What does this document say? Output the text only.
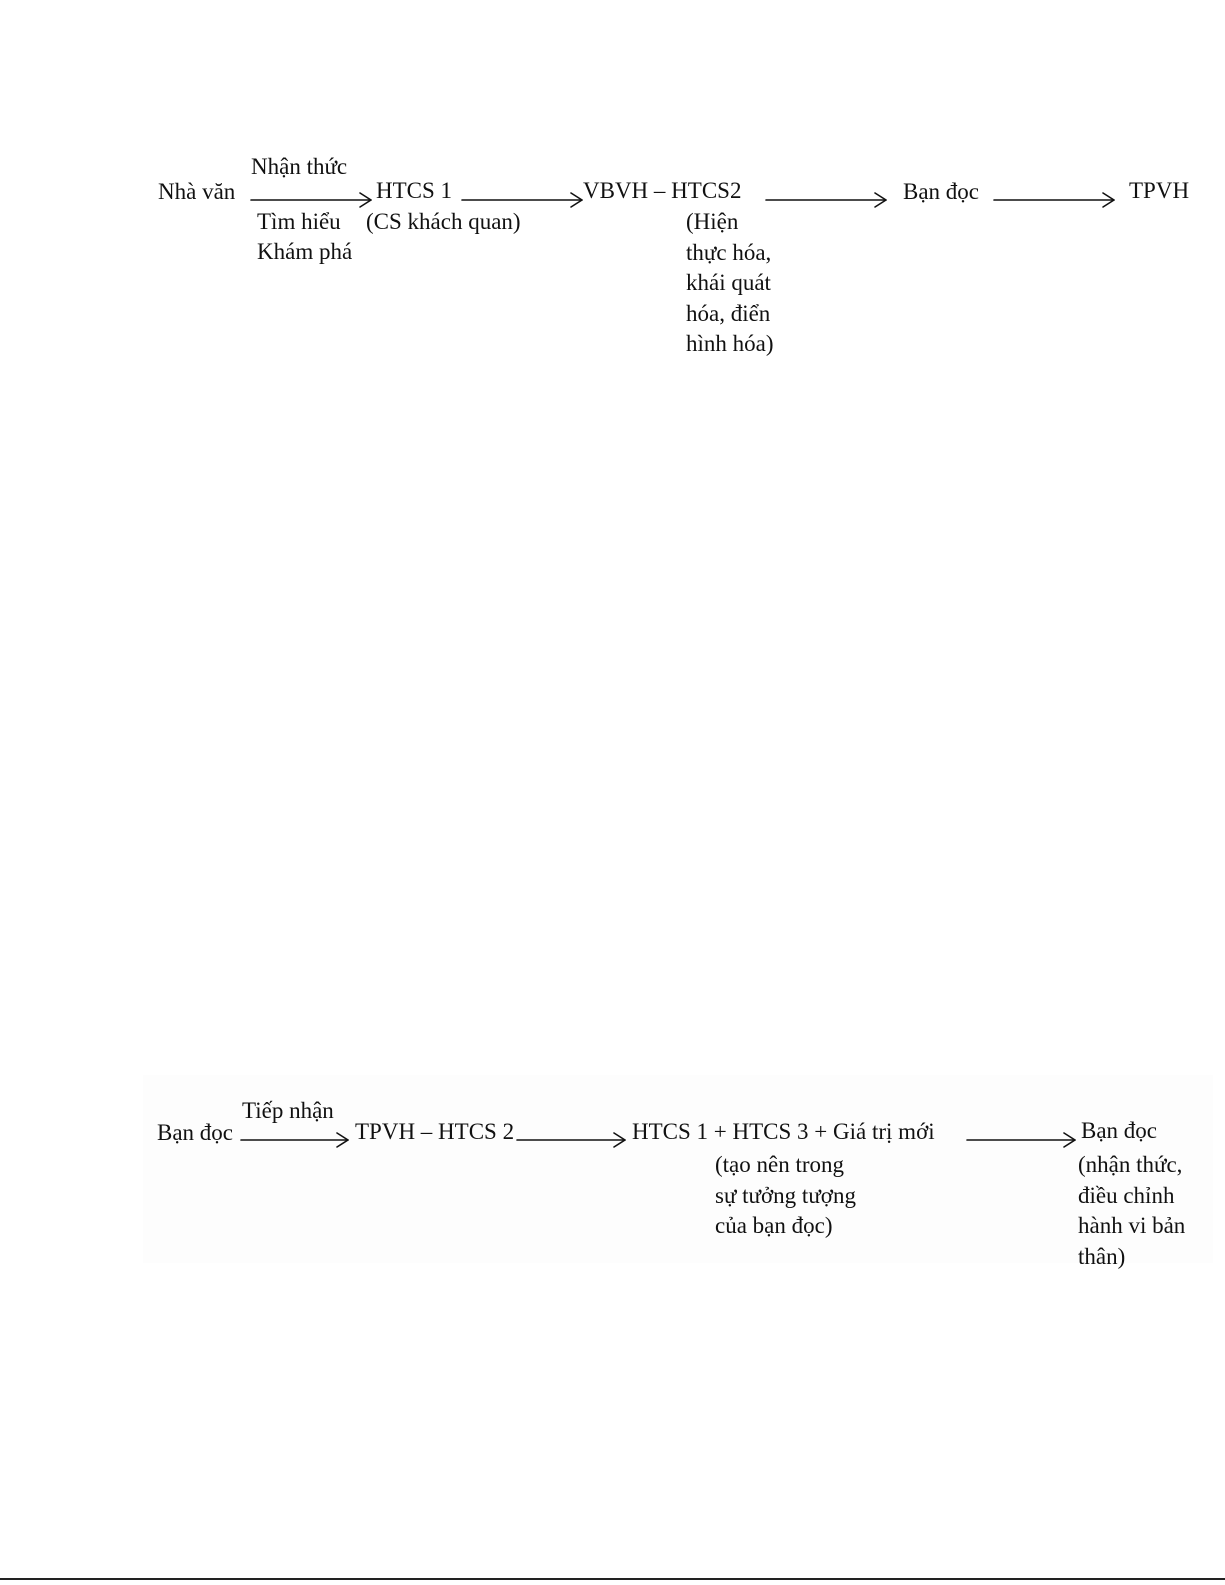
Nhà văn
Nhận thức
Tìm hiểu
Khám phá
HTCS 1
(CS khách quan)
VBVH – HTCS2
(Hiện
thực hóa,
khái quát
hóa, điển
hình hóa)
Bạn đọc	TPVH
Tiếp nhận
Bạn đọc	TPVH – HTCS 2	HTCS 1 + HTCS 3 + Giá trị mới
(tạo nên trong
sự tưởng tượng
của bạn đọc)
Bạn đọc
(nhận thức,
điều chỉnh
hành vi bản
thân)
